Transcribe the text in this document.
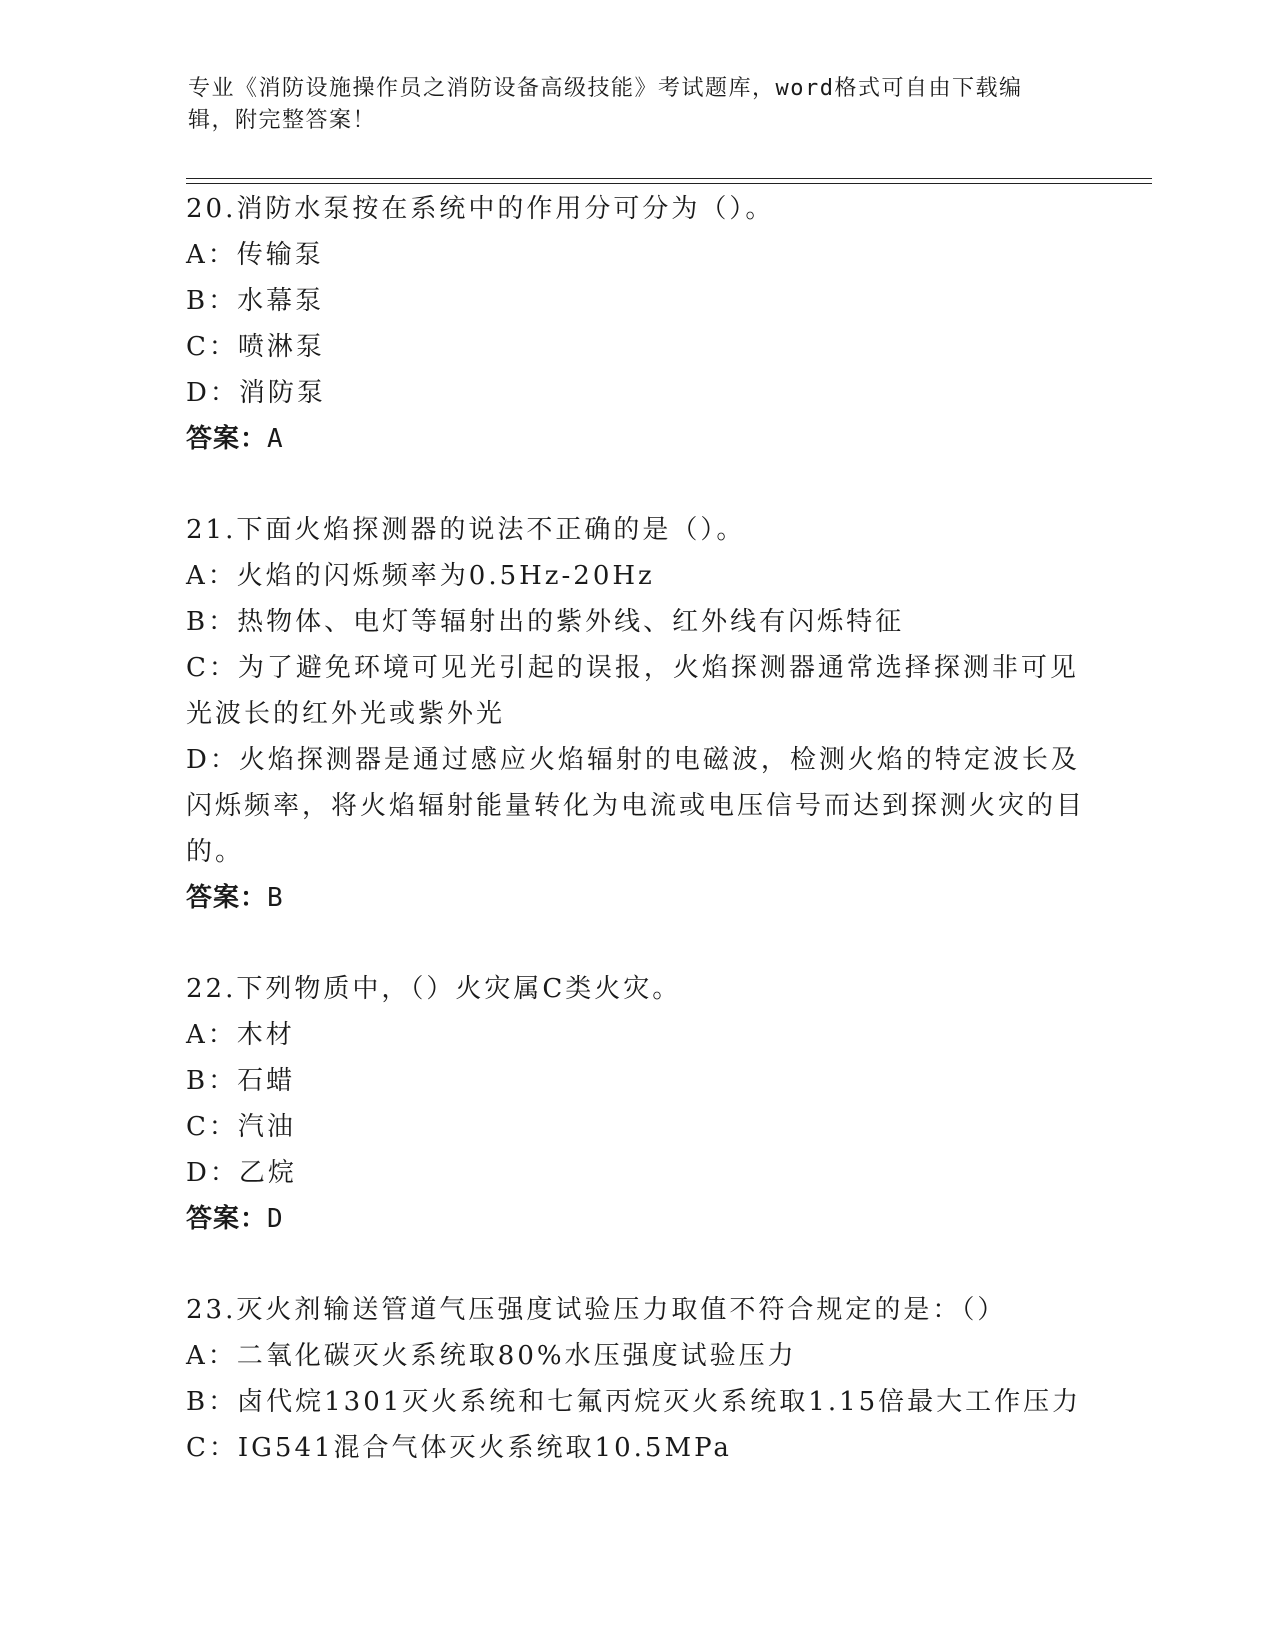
专业《消防设施操作员之消防设备高级技能》考试题库，word格式可自由下载编
辑，附完整答案！
20.消防水泵按在系统中的作用分可分为（）。
A：传输泵
B：水幕泵
C：喷淋泵
D：消防泵
答案：A
21.下面火焰探测器的说法不正确的是（）。
A：火焰的闪烁频率为0.5Hz-20Hz
B：热物体、电灯等辐射出的紫外线、红外线有闪烁特征
C：为了避免环境可见光引起的误报，火焰探测器通常选择探测非可见光波长的红外光或紫外光
D：火焰探测器是通过感应火焰辐射的电磁波，检测火焰的特定波长及闪烁频率，将火焰辐射能量转化为电流或电压信号而达到探测火灾的目的。
答案：B
22.下列物质中，（）火灾属C类火灾。
A：木材
B：石蜡
C：汽油
D：乙烷
答案：D
23.灭火剂输送管道气压强度试验压力取值不符合规定的是：（）
A：二氧化碳灭火系统取80%水压强度试验压力
B：卤代烷1301灭火系统和七氟丙烷灭火系统取1.15倍最大工作压力
C：IG541混合气体灭火系统取10.5MPa
